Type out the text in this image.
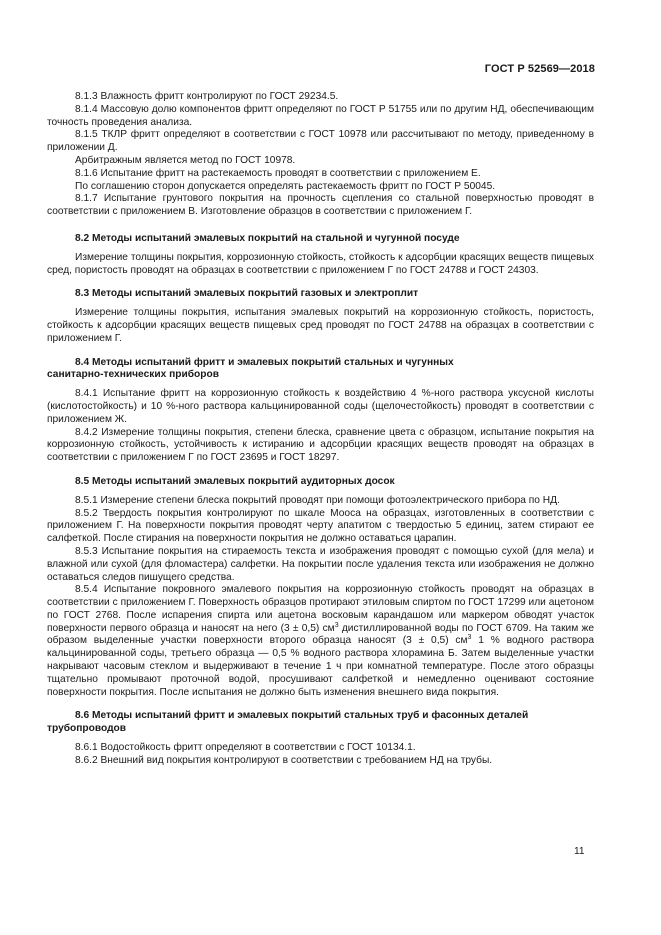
ГОСТ Р 52569—2018

8.1.3 Влажность фритт контролируют по ГОСТ 29234.5.

8.1.4 Массовую долю компонентов фритт определяют по ГОСТ Р 51755 или по другим НД, обеспечивающим точность проведения анализа.

8.1.5 ТКЛР фритт определяют в соответствии с ГОСТ 10978 или рассчитывают по методу, приведенному в приложении Д.

Арбитражным является метод по ГОСТ 10978.

8.1.6 Испытание фритт на растекаемость проводят в соответствии с приложением Е.

По соглашению сторон допускается определять растекаемость фритт по ГОСТ Р 50045.

8.1.7 Испытание грунтового покрытия на прочность сцепления со стальной поверхностью проводят в соответствии с приложением В. Изготовление образцов в соответствии с приложением Г.

8.2 Методы испытаний эмалевых покрытий на стальной и чугунной посуде

Измерение толщины покрытия, коррозионную стойкость, стойкость к адсорбции красящих веществ пищевых сред, пористость проводят на образцах в соответствии с приложением Г по ГОСТ 24788 и ГОСТ 24303.

8.3 Методы испытаний эмалевых покрытий газовых и электроплит

Измерение толщины покрытия, испытания эмалевых покрытий на коррозионную стойкость, пористость, стойкость к адсорбции красящих веществ пищевых сред проводят по ГОСТ 24788 на образцах в соответствии с приложением Г.

8.4 Методы испытаний фритт и эмалевых покрытий стальных и чугунных санитарно-технических приборов

8.4.1 Испытание фритт на коррозионную стойкость к воздействию 4 %-ного раствора уксусной кислоты (кислотостойкость) и 10 %-ного раствора кальцинированной соды (щелочестойкость) проводят в соответствии с приложением Ж.

8.4.2 Измерение толщины покрытия, степени блеска, сравнение цвета с образцом, испытание покрытия на коррозионную стойкость, устойчивость к истиранию и адсорбции красящих веществ проводят на образцах в соответствии с приложением Г по ГОСТ 23695 и ГОСТ 18297.

8.5 Методы испытаний эмалевых покрытий аудиторных досок

8.5.1 Измерение степени блеска покрытий проводят при помощи фотоэлектрического прибора по НД.

8.5.2 Твердость покрытия контролируют по шкале Мооса на образцах, изготовленных в соответствии с приложением Г. На поверхности покрытия проводят черту апатитом с твердостью 5 единиц, затем стирают ее салфеткой. После стирания на поверхности покрытия не должно оставаться царапин.

8.5.3 Испытание покрытия на стираемость текста и изображения проводят с помощью сухой (для мела) и влажной или сухой (для фломастера) салфетки. На покрытии после удаления текста или изображения не должно оставаться следов пишущего средства.

8.5.4 Испытание покровного эмалевого покрытия на коррозионную стойкость проводят на образцах в соответствии с приложением Г. Поверхность образцов протирают этиловым спиртом по ГОСТ 17299 или ацетоном по ГОСТ 2768. После испарения спирта или ацетона восковым карандашом или маркером обводят участок поверхности первого образца и наносят на него (3 ± 0,5) $см^3$ дистиллированной воды по ГОСТ 6709. На таким же образом выделенные участки поверхности второго образца наносят (3 ± 0,5) $см^3$ 1 % водного раствора кальцинированной соды, третьего образца — 0,5 % водного раствора хлорамина Б. Затем выделенные участки накрывают часовым стеклом и выдерживают в течение 1 ч при комнатной температуре. После этого образцы тщательно промывают проточной водой, просушивают салфеткой и немедленно оценивают состояние поверхности покрытия. После испытания не должно быть изменения внешнего вида покрытия.

8.6 Методы испытаний фритт и эмалевых покрытий стальных труб и фасонных деталей трубопроводов

8.6.1 Водостойкость фритт определяют в соответствии с ГОСТ 10134.1.

8.6.2 Внешний вид покрытия контролируют в соответствии с требованием НД на трубы.

11
